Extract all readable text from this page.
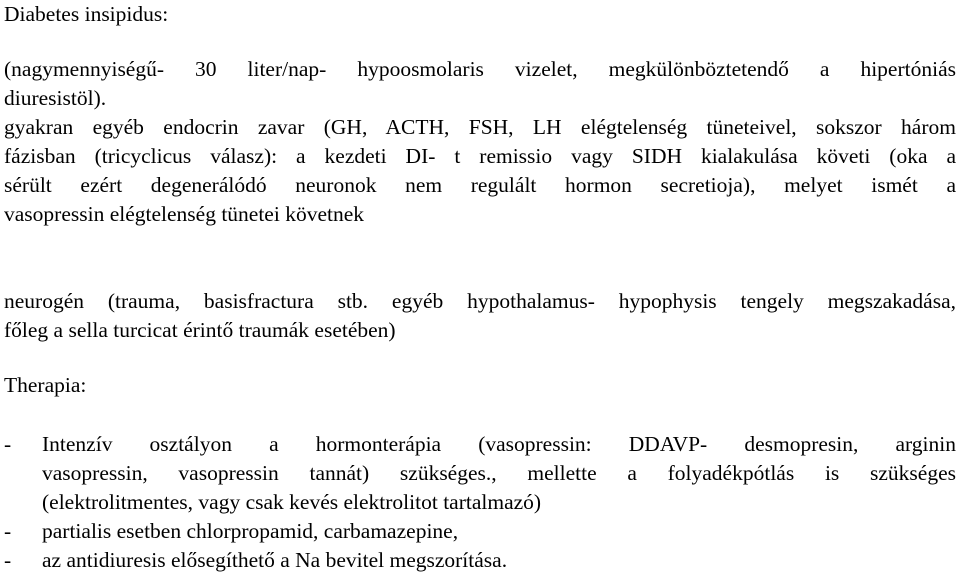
Diabetes insipidus:
(nagymennyiségű- 30 liter/nap- hypoosmolaris vizelet, megkülönböztetendő a hipertóniás
diuresistöl).
gyakran egyéb endocrin zavar (GH, ACTH, FSH, LH elégtelenség tüneteivel, sokszor három
fázisban (tricyclicus válasz): a kezdeti DI- t remissio vagy SIDH kialakulása követi (oka a
sérült ezért degenerálódó neuronok nem regulált hormon secretioja), melyet ismét a
vasopressin elégtelenség tünetei követnek
neurogén (trauma, basisfractura stb. egyéb hypothalamus- hypophysis tengely megszakadása,
főleg a sella turcicat érintő traumák esetében)
Therapia:
- Intenzív osztályon a hormonterápia (vasopressin: DDAVP- desmopresin, arginin
vasopressin, vasopressin tannát) szükséges., mellette a folyadékpótlás is szükséges
(elektrolitmentes, vagy csak kevés elektrolitot tartalmazó)
- partialis esetben chlorpropamid, carbamazepine,
- az antidiuresis elősegíthető a Na bevitel megszorítása.
